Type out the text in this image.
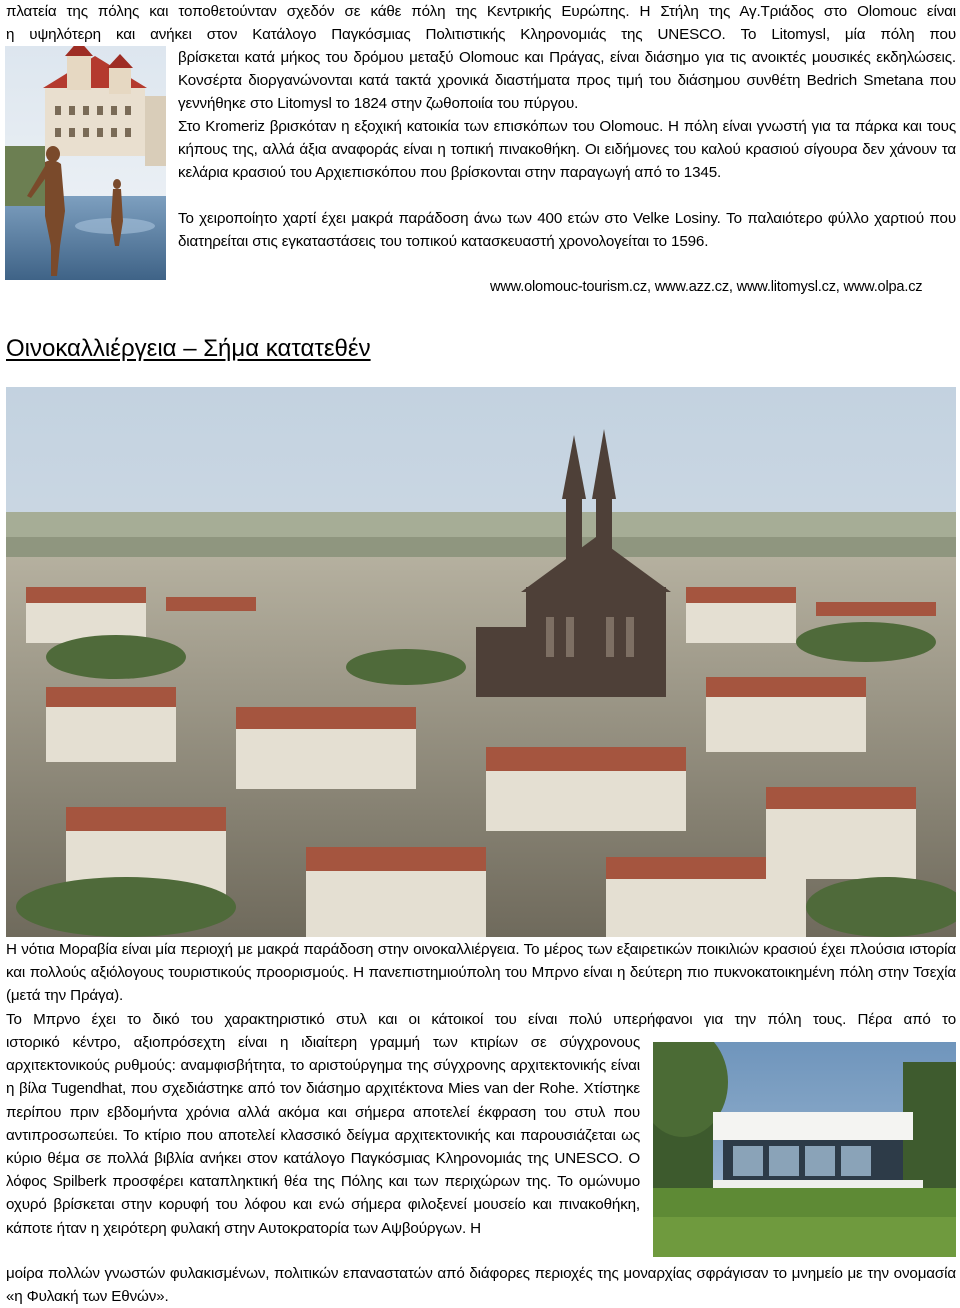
πλατεία της πόλης και τοποθετούνταν σχεδόν σε κάθε πόλη της Κεντρικής Ευρώπης. Η Στήλη της Αγ.Τριάδος στο Olomouc είναι

η υψηλότερη και ανήκει στον Κατάλογο Παγκόσμιας Πολιτιστικής Κληρονομιάς της UNESCO. Το Litomysl, μία πόλη που

βρίσκεται κατά μήκος του δρόμου μεταξύ Olomouc και Πράγας, είναι διάσημο για τις ανοικτές μουσικές εκδηλώσεις. Κονσέρτα διοργανώνονται κατά τακτά χρονικά διαστήματα προς τιμή του διάσημου συνθέτη Bedrich Smetana που γεννήθηκε στο Litomysl το 1824 στην ζωθοποιία του πύργου.

Στο Kromeriz βρισκόταν η εξοχική κατοικία των επισκόπων του Olomouc. Η πόλη είναι γνωστή για τα πάρκα και τους κήπους της, αλλά άξια αναφοράς είναι η τοπική πινακοθήκη. Οι ειδήμονες του καλού κρασιού σίγουρα δεν χάνουν τα κελάρια κρασιού του Αρχιεπισκόπου που βρίσκονται στην παραγωγή από το 1345.

Το χειροποίητο χαρτί έχει μακρά παράδοση άνω των 400 ετών στο Velke Losiny. Το παλαιότερο φύλλο χαρτιού που διατηρείται στις εγκαταστάσεις του τοπικού κατασκευαστή χρονολογείται το 1596.

www.olomouc-tourism.cz, www.azz.cz, www.litomysl.cz, www.olpa.cz

Οινοκαλλιέργεια – Σήμα κατατεθέν

Η νότια Μοραβία είναι μία περιοχή με μακρά παράδοση στην οινοκαλλιέργεια. Το μέρος των εξαιρετικών ποικιλιών κρασιού έχει πλούσια ιστορία και πολλούς αξιόλογους τουριστικούς προορισμούς. Η πανεπιστημιούπολη του Μπρνο είναι η δεύτερη πιο πυκνοκατοικημένη πόλη στην Τσεχία (μετά την Πράγα).

Το Μπρνο έχει το δικό του χαρακτηριστικό στυλ και οι κάτοικοί του είναι πολύ υπερήφανοι για την πόλη τους. Πέρα από το

ιστορικό κέντρο, αξιοπρόσεχτη είναι η ιδιαίτερη γραμμή των κτιρίων σε σύγχρονους αρχιτεκτονικούς ρυθμούς: αναμφισβήτητα, το αριστούργημα της σύγχρονης αρχιτεκτονικής είναι η βίλα Tugendhat, που σχεδιάστηκε από τον διάσημο αρχιτέκτονα Mies van der Rohe. Χτίστηκε περίπου πριν εβδομήντα χρόνια αλλά ακόμα και σήμερα αποτελεί έκφραση του στυλ που αντιπροσωπεύει. Το κτίριο που αποτελεί κλασσικό δείγμα αρχιτεκτονικής και παρουσιάζεται ως κύριο θέμα σε πολλά βιβλία ανήκει στον κατάλογο Παγκόσμιας Κληρονομιάς της UNESCO. Ο λόφος Spilberk προσφέρει καταπληκτική θέα της Πόλης και των περιχώρων της. Το ομώνυμο οχυρό βρίσκεται στην κορυφή του λόφου και ενώ σήμερα φιλοξενεί μουσείο και πινακοθήκη, κάποτε ήταν η χειρότερη φυλακή στην Αυτοκρατορία των Αψβούργων. Η

μοίρα πολλών γνωστών φυλακισμένων, πολιτικών επαναστατών από διάφορες περιοχές της μοναρχίας σφράγισαν το μνημείο με την ονομασία «η Φυλακή των Εθνών».
